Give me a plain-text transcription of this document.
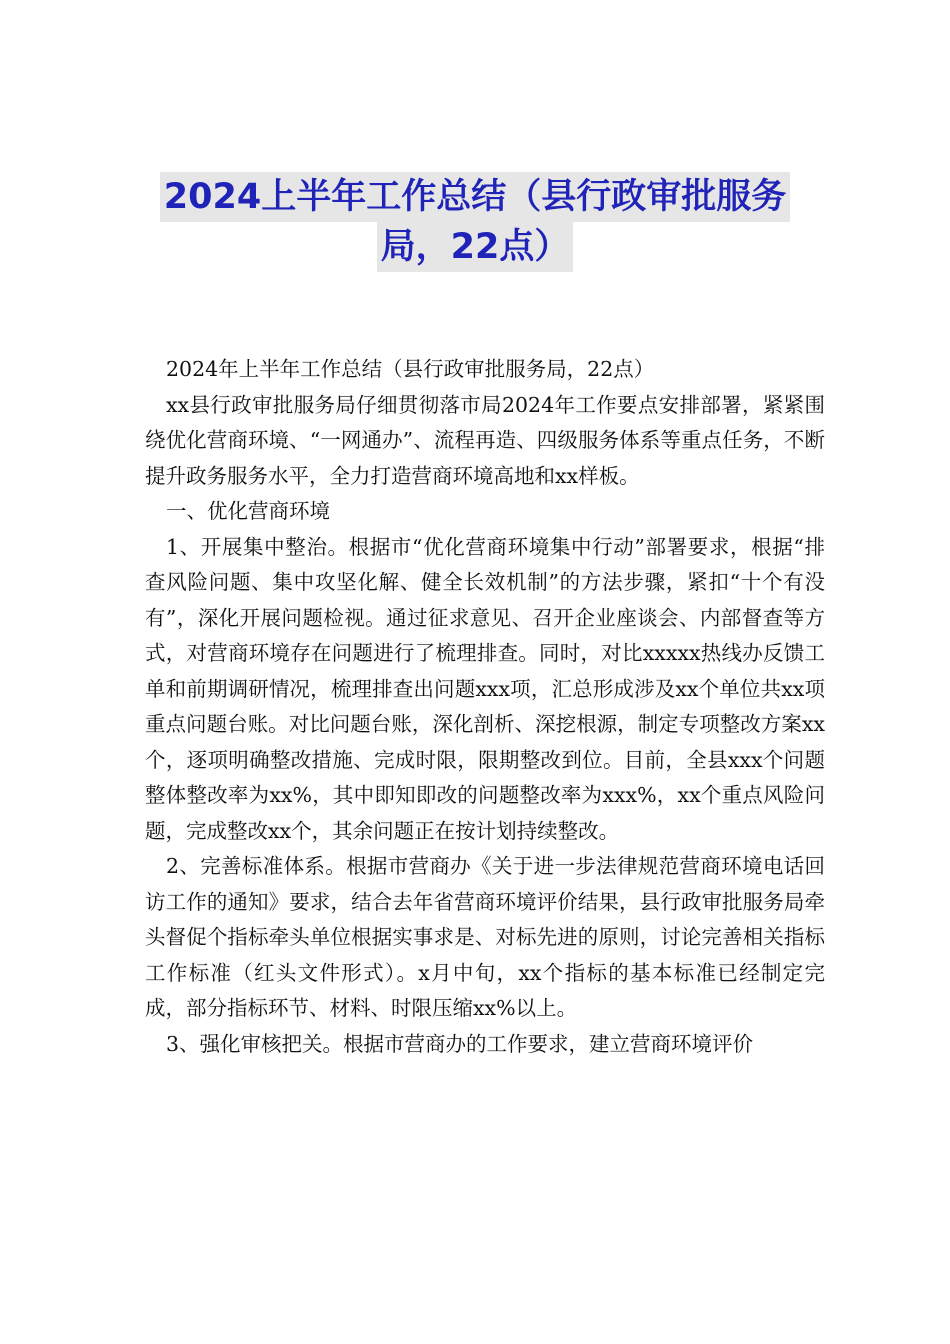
2024上半年工作总结（县行政审批服务
局，22点）

2024年上半年工作总结（县行政审批服务局，22点）

xx县行政审批服务局仔细贯彻落市局2024年工作要点安排部署，紧紧围绕优化营商环境、“一网通办”、流程再造、四级服务体系等重点任务，不断提升政务服务水平，全力打造营商环境高地和xx样板。

一、优化营商环境

1、开展集中整治。根据市“优化营商环境集中行动”部署要求，根据“排查风险问题、集中攻坚化解、健全长效机制”的方法步骤，紧扣“十个有没有”，深化开展问题检视。通过征求意见、召开企业座谈会、内部督查等方式，对营商环境存在问题进行了梳理排查。同时，对比xxxxx热线办反馈工单和前期调研情况，梳理排查出问题xxx项，汇总形成涉及xx个单位共xx项重点问题台账。对比问题台账，深化剖析、深挖根源，制定专项整改方案xx个，逐项明确整改措施、完成时限，限期整改到位。目前，全县xxx个问题整体整改率为xx%，其中即知即改的问题整改率为xxx%，xx个重点风险问题，完成整改xx个，其余问题正在按计划持续整改。

2、完善标准体系。根据市营商办《关于进一步法律规范营商环境电话回访工作的通知》要求，结合去年省营商环境评价结果，县行政审批服务局牵头督促个指标牵头单位根据实事求是、对标先进的原则，讨论完善相关指标工作标准（红头文件形式）。x月中旬，xx个指标的基本标准已经制定完成，部分指标环节、材料、时限压缩xx%以上。

3、强化审核把关。根据市营商办的工作要求，建立营商环境评价
